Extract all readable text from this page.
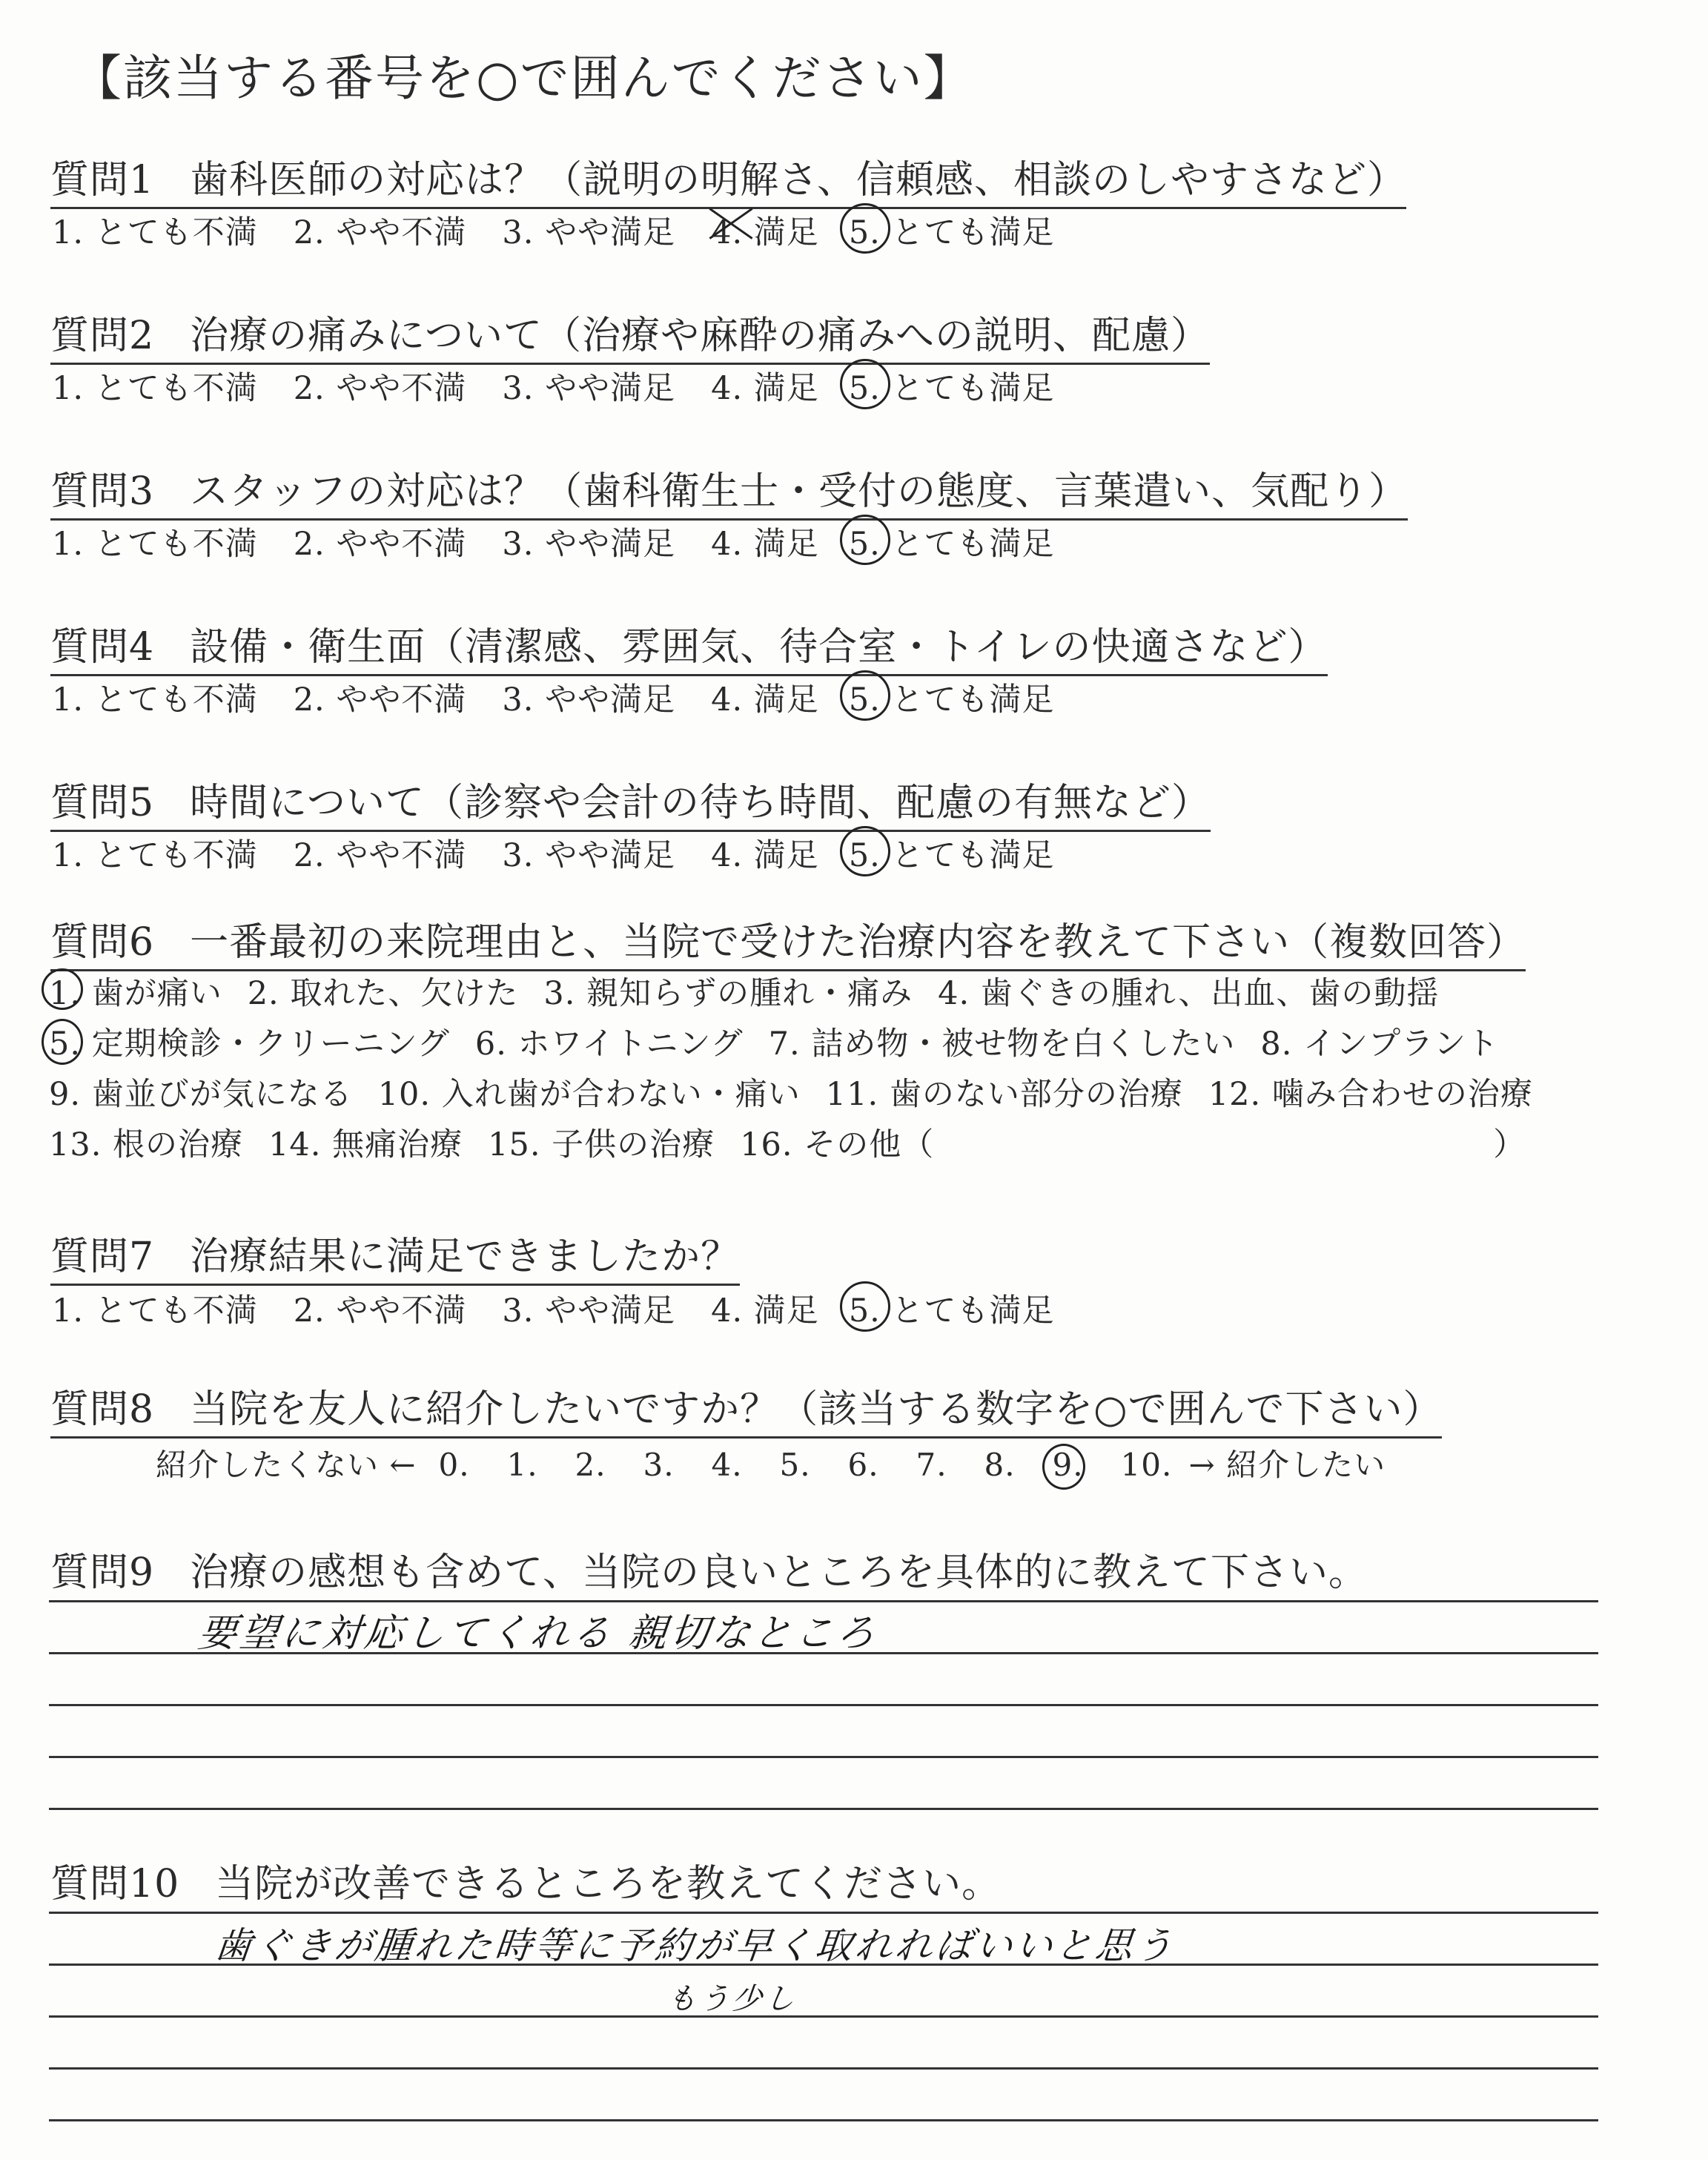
【該当する番号を○で囲んでください】
質問1 歯科医師の対応は？（説明の明解さ、信頼感、相談のしやすさなど）
1. とても不満 2. やや不満 3. やや満足 4. 満足 5. とても満足
質問2 治療の痛みについて（治療や麻酔の痛みへの説明、配慮）
1. とても不満 2. やや不満 3. やや満足 4. 満足 5. とても満足
質問3 スタッフの対応は？（歯科衛生士・受付の態度、言葉遣い、気配り）
1. とても不満 2. やや不満 3. やや満足 4. 満足 5. とても満足
質問4 設備・衛生面（清潔感、雰囲気、待合室・トイレの快適さなど）
1. とても不満 2. やや不満 3. やや満足 4. 満足 5. とても満足
質問5 時間について（診察や会計の待ち時間、配慮の有無など）
1. とても不満 2. やや不満 3. やや満足 4. 満足 5. とても満足
質問6 一番最初の来院理由と、当院で受けた治療内容を教えて下さい（複数回答）
1. 歯が痛い 2. 取れた、欠けた 3. 親知らずの腫れ・痛み 4. 歯ぐきの腫れ、出血、歯の動揺
5. 定期検診・クリーニング 6. ホワイトニング 7. 詰め物・被せ物を白くしたい 8. インプラント
9. 歯並びが気になる 10. 入れ歯が合わない・痛い 11. 歯のない部分の治療 12. 噛み合わせの治療
13. 根の治療 14. 無痛治療 15. 子供の治療 16. その他（	）
質問7 治療結果に満足できましたか？
1. とても不満 2. やや不満 3. やや満足 4. 満足 5. とても満足
質問8 当院を友人に紹介したいですか？（該当する数字を○で囲んで下さい）
紹介したくない ← 0. 1. 2. 3. 4. 5. 6. 7. 8. 9. 10. → 紹介したい
質問9 治療の感想も含めて、当院の良いところを具体的に教えて下さい。
要望に対応してくれる 親切なところ
質問10 当院が改善できるところを教えてください。
歯ぐきが腫れた時等に予約が早く取れればいいと思う
もう少し
